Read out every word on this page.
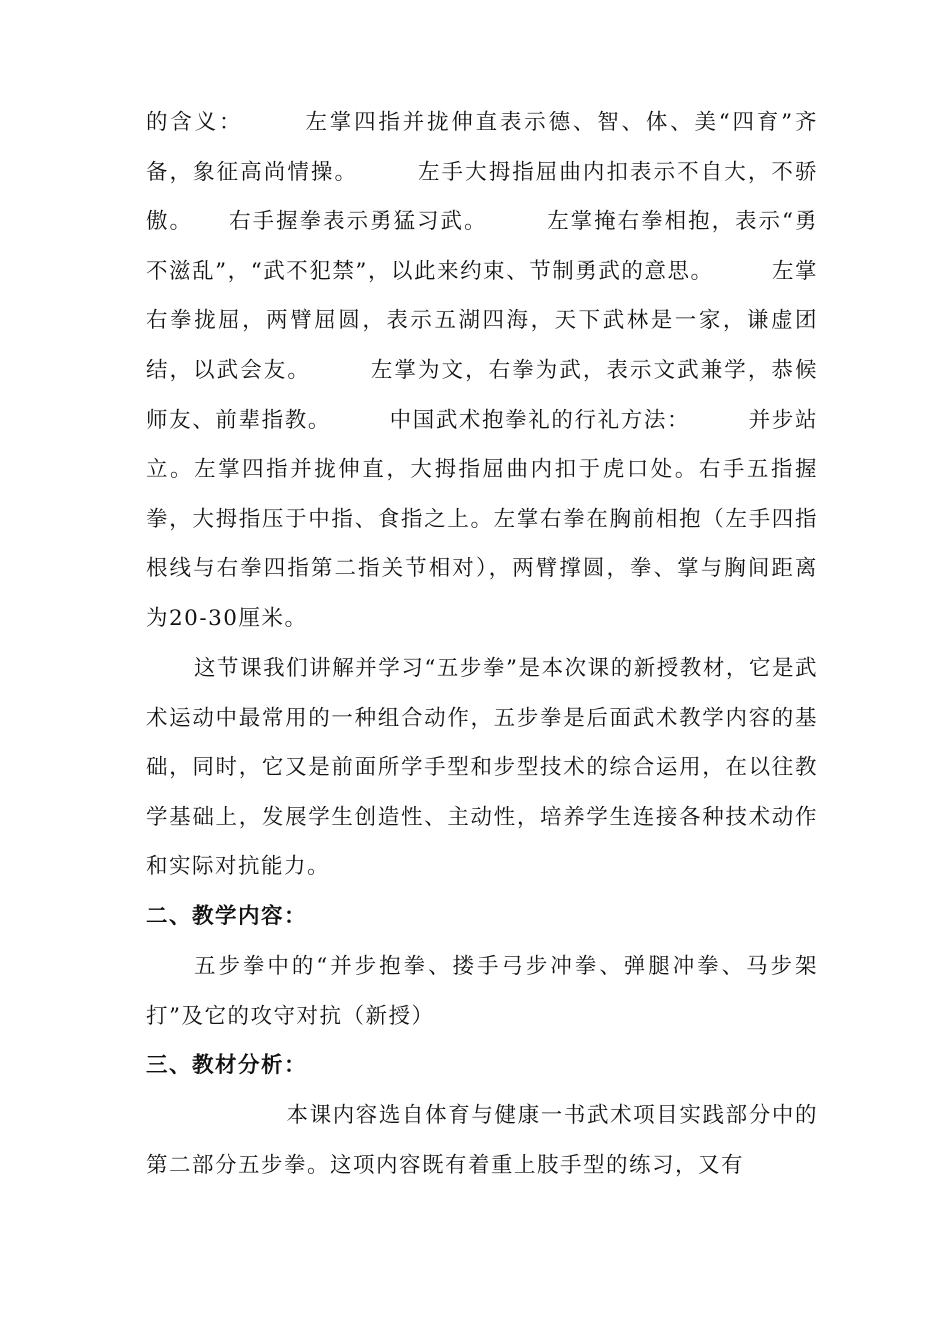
的含义：　　　左掌四指并拢伸直表示德、智、体、美“四育”齐备，象征高尚情操。　　　左手大拇指屈曲内扣表示不自大，不骄傲。　　右手握拳表示勇猛习武。　　　左掌掩右拳相抱，表示“勇不滋乱”，“武不犯禁”，以此来约束、节制勇武的意思。　　　左掌右拳拢屈，两臂屈圆，表示五湖四海，天下武林是一家，谦虚团结，以武会友。　　　左掌为文，右拳为武，表示文武兼学，恭候师友、前辈指教。　　　中国武术抱拳礼的行礼方法：　　　并步站立。左掌四指并拢伸直，大拇指屈曲内扣于虎口处。右手五指握拳，大拇指压于中指、食指之上。左掌右拳在胸前相抱（左手四指根线与右拳四指第二指关节相对），两臂撑圆，拳、掌与胸间距离为20-30厘米。

这节课我们讲解并学习“五步拳”是本次课的新授教材，它是武术运动中最常用的一种组合动作，五步拳是后面武术教学内容的基础，同时，它又是前面所学手型和步型技术的综合运用，在以往教学基础上，发展学生创造性、主动性，培养学生连接各种技术动作和实际对抗能力。

二、教学内容：

五步拳中的“并步抱拳、搂手弓步冲拳、弹腿冲拳、马步架打”及它的攻守对抗（新授）

三、教材分析：

　　　　本课内容选自体育与健康一书武术项目实践部分中的第二部分五步拳。这项内容既有着重上肢手型的练习，又有
